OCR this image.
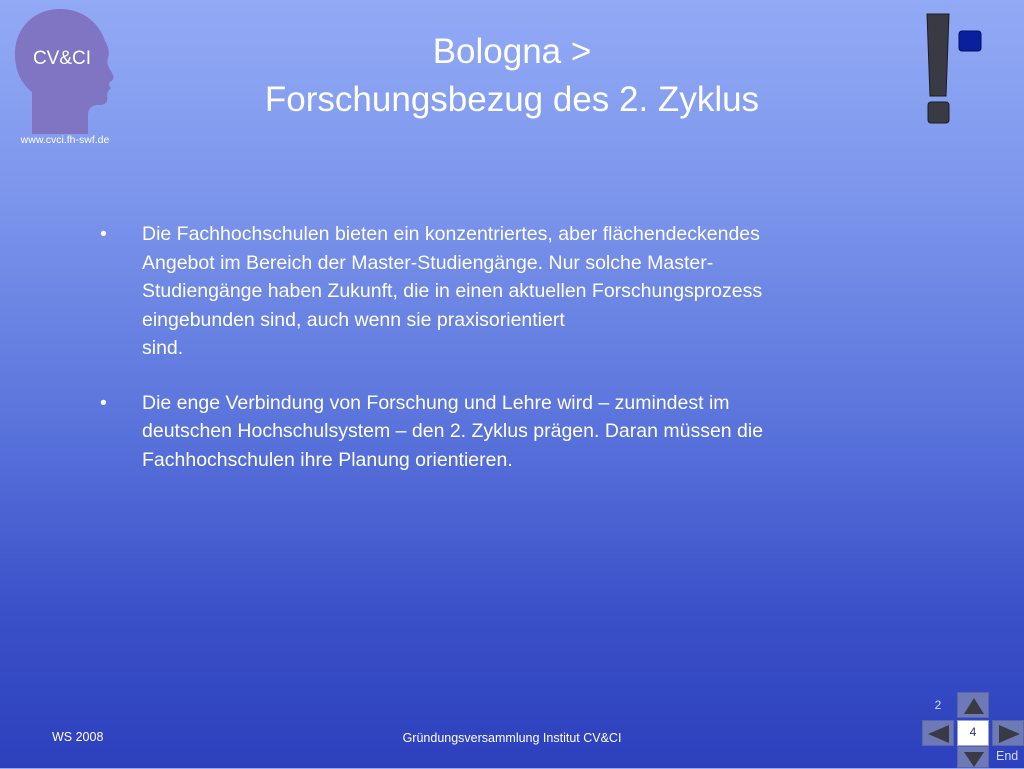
CV&CI
www.cvci.fh-swf.de
Bologna >
Forschungsbezug des 2. Zyklus
• Die Fachhochschulen bieten ein konzentriertes, aber flächendeckendes
Angebot im Bereich der Master-Studiengänge. Nur solche Master-
Studiengänge haben Zukunft, die in einen aktuellen Forschungsprozess
eingebunden sind, auch wenn sie praxisorientiert
sind.
• Die enge Verbindung von Forschung und Lehre wird – zumindest im
deutschen Hochschulsystem – den 2. Zyklus prägen. Daran müssen die
Fachhochschulen ihre Planung orientieren.
WS 2008	Gründungsversammlung Institut CV&CI
2
4
End
